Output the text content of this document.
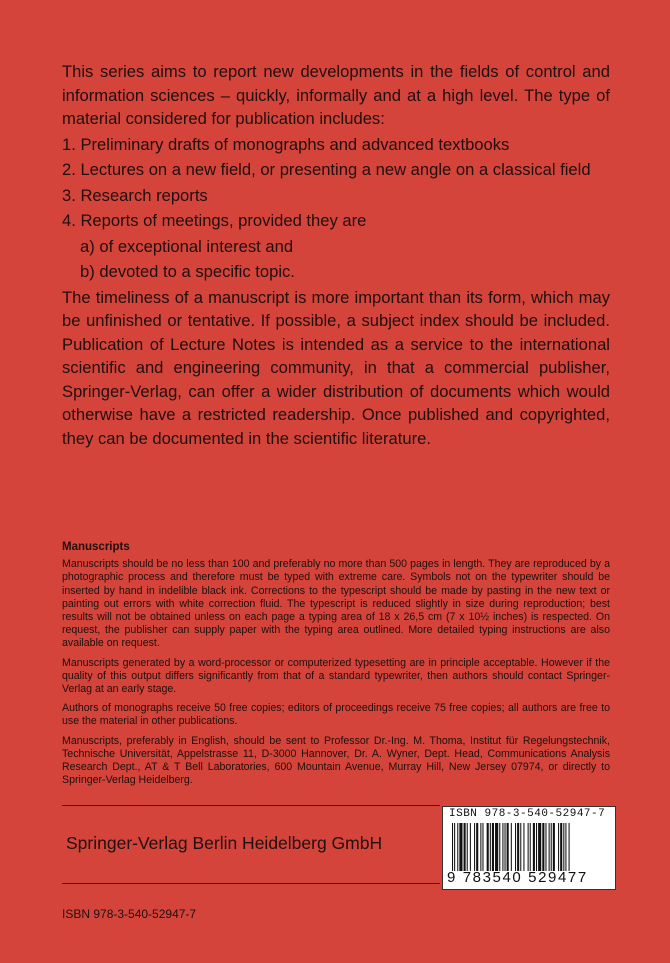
This series aims to report new developments in the fields of control and information sciences – quickly, informally and at a high level. The type of material considered for publication includes:

1. Preliminary drafts of monographs and advanced textbooks
2. Lectures on a new field, or presenting a new angle on a classical field
3. Research reports
4. Reports of meetings, provided they are
a) of exceptional interest and
b) devoted to a specific topic.

The timeliness of a manuscript is more important than its form, which may be unfinished or tentative. If possible, a subject index should be included. Publication of Lecture Notes is intended as a service to the international scientific and engineering community, in that a commercial publisher, Springer-Verlag, can offer a wider distribution of documents which would otherwise have a restricted readership. Once published and copyrighted, they can be documented in the scientific literature.

Manuscripts

Manuscripts should be no less than 100 and preferably no more than 500 pages in length. They are reproduced by a photographic process and therefore must be typed with extreme care. Symbols not on the typewriter should be inserted by hand in indelible black ink. Corrections to the typescript should be made by pasting in the new text or painting out errors with white correction fluid. The typescript is reduced slightly in size during reproduction; best results will not be obtained unless on each page a typing area of 18 x 26,5 cm (7 x 10½ inches) is respected. On request, the publisher can supply paper with the typing area outlined. More detailed typing instructions are also available on request.

Manuscripts generated by a word-processor or computerized typesetting are in principle acceptable. However if the quality of this output differs significantly from that of a standard typewriter, then authors should contact Springer-Verlag at an early stage.

Authors of monographs receive 50 free copies; editors of proceedings receive 75 free copies; all authors are free to use the material in other publications.

Manuscripts, preferably in English, should be sent to Professor Dr.-Ing. M. Thoma, Institut für Regelungstechnik, Technische Universität, Appelstrasse 11, D-3000 Hannover, Dr. A. Wyner, Dept. Head, Communications Analysis Research Dept., AT & T Bell Laboratories, 600 Mountain Avenue, Murray Hill, New Jersey 07974, or directly to Springer-Verlag Heidelberg.

Springer-Verlag Berlin Heidelberg GmbH
ISBN 978-3-540-52947-7
9 783540 529477
ISBN 978-3-540-52947-7
